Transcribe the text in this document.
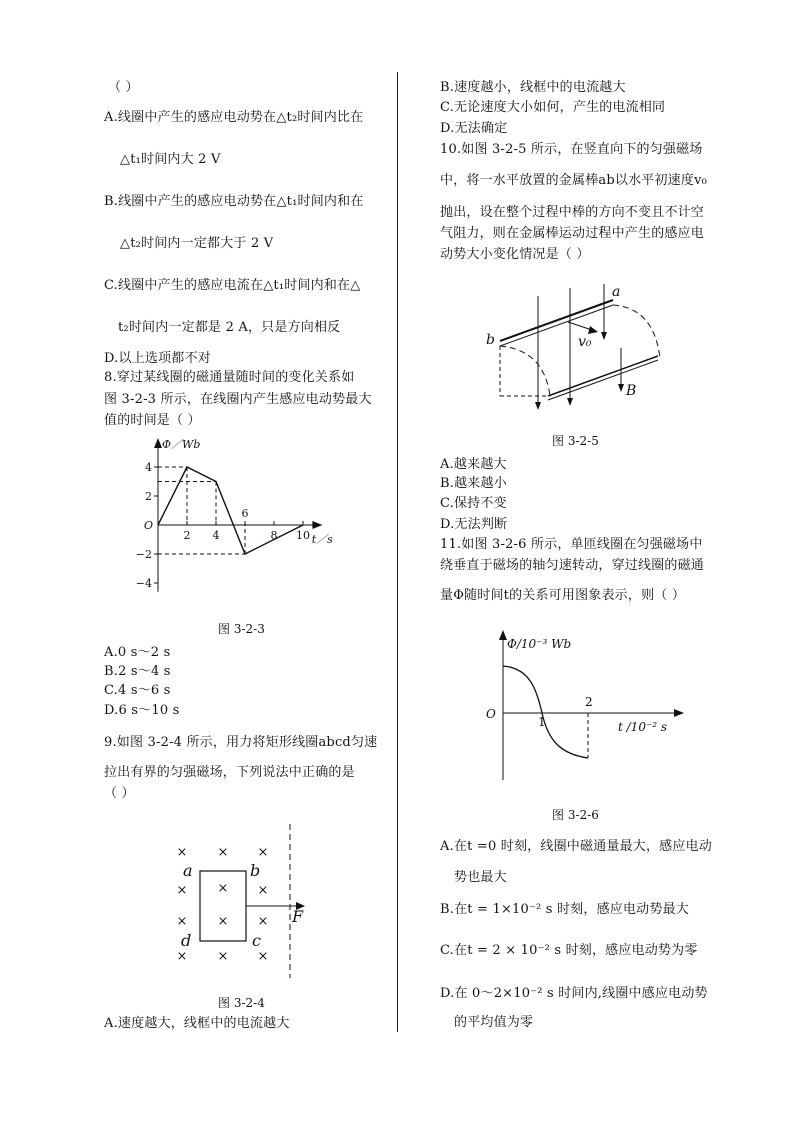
（ ）
A.线圈中产生的感应电动势在△t₂时间内比在
△t₁时间内大 2 V
B.线圈中产生的感应电动势在△t₁时间内和在
△t₂时间内一定都大于 2 V
C.线圈中产生的感应电流在△t₁时间内和在△
t₂时间内一定都是 2 A，只是方向相反
D.以上选项都不对
8.穿过某线圈的磁通量随时间的变化关系如
图 3-2-3 所示，在线圈内产生感应电动势最大
值的时间是（ ）
Φ／Wb
t／s
O
4
2
−2
−4
2 4
6
8 10
图 3-2-3
A.0 s～2 s
B.2 s～4 s
C.4 s～6 s
D.6 s～10 s
9.如图 3-2-4 所示，用力将矩形线圈abcd匀速
拉出有界的匀强磁场，下列说法中正确的是
（ ）
× × ×
× × ×
× × ×
× × ×
a	b
c
d
F
图 3-2-4
A.速度越大，线框中的电流越大
B.速度越小，线框中的电流越大
C.无论速度大小如何，产生的电流相同
D.无法确定
10.如图 3-2-5 所示，在竖直向下的匀强磁场
中，将一水平放置的金属棒ab以水平初速度v₀
抛出，设在整个过程中棒的方向不变且不计空
气阻力，则在金属棒运动过程中产生的感应电
动势大小变化情况是（ ）
a
b	v₀
B
图 3-2-5
A.越来越大
B.越来越小
C.保持不变
D.无法判断
11.如图 3-2-6 所示，单匝线圈在匀强磁场中
绕垂直于磁场的轴匀速转动，穿过线圈的磁通
量Φ随时间t的关系可用图象表示，则（ ）
Φ/10⁻³ Wb
O
1
2
t /10⁻² s
图 3-2-6
A.在t =0 时刻，线圈中磁通量最大，感应电动
势也最大
B.在t = 1×10⁻² s 时刻，感应电动势最大
C.在t = 2 × 10⁻² s 时刻，感应电动势为零
D.在 0～2×10⁻² s 时间内,线圈中感应电动势
的平均值为零
